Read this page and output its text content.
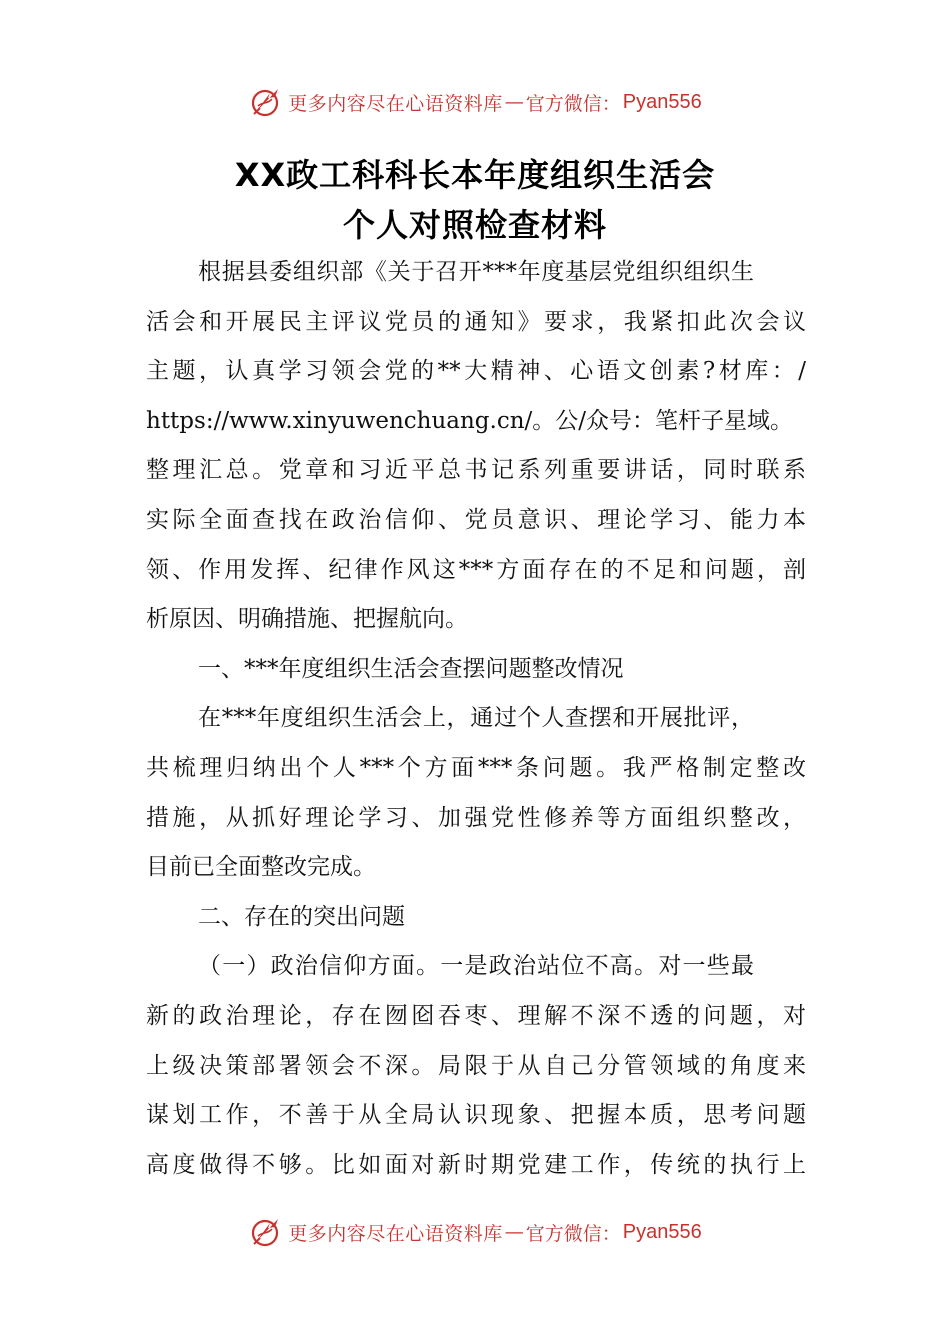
更多内容尽在心语资料库 — 官方微信： Pyan556
XX政工科科长本年度组织生活会
个人对照检查材料
根据县委组织部《关于召开***年度基层党组织组织生
活会和开展民主评议党员的通知》要求，我紧扣此次会议
主题，认真学习领会党的**大精神、心语文创素?材库：/
https://www.xinyuwenchuang.cn/。公/众号：笔杆子星域。
整理汇总。党章和习近平总书记系列重要讲话，同时联系
实际全面查找在政治信仰、党员意识、理论学习、能力本
领、作用发挥、纪律作风这***方面存在的不足和问题，剖
析原因、明确措施、把握航向。
一、***年度组织生活会查摆问题整改情况
在***年度组织生活会上，通过个人查摆和开展批评，
共梳理归纳出个人***个方面***条问题。我严格制定整改
措施，从抓好理论学习、加强党性修养等方面组织整改，
目前已全面整改完成。
二、存在的突出问题
（一）政治信仰方面。一是政治站位不高。对一些最
新的政治理论，存在囫囵吞枣、理解不深不透的问题，对
上级决策部署领会不深。局限于从自己分管领域的角度来
谋划工作，不善于从全局认识现象、把握本质，思考问题
高度做得不够。比如面对新时期党建工作，传统的执行上
更多内容尽在心语资料库 — 官方微信： Pyan556
